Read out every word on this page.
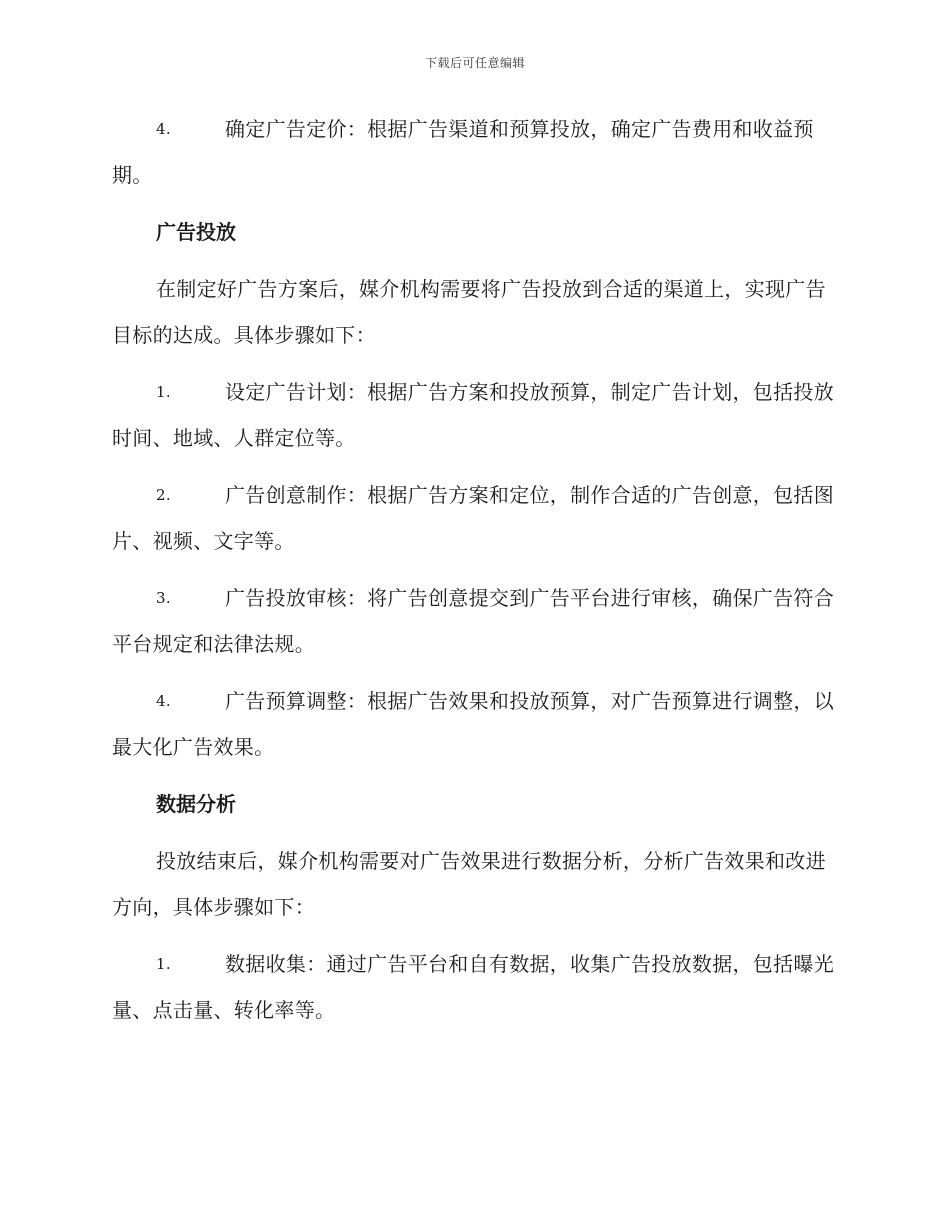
下载后可任意编辑
4.	确定广告定价：根据广告渠道和预算投放，确定广告费用和收益预期。
广告投放

在制定好广告方案后，媒介机构需要将广告投放到合适的渠道上，实现广告目标的达成。具体步骤如下：

1.	设定广告计划：根据广告方案和投放预算，制定广告计划，包括投放时间、地域、人群定位等。
2.	广告创意制作：根据广告方案和定位，制作合适的广告创意，包括图片、视频、文字等。
3.	广告投放审核：将广告创意提交到广告平台进行审核，确保广告符合平台规定和法律法规。
4.	广告预算调整：根据广告效果和投放预算，对广告预算进行调整，以最大化广告效果。
数据分析

投放结束后，媒介机构需要对广告效果进行数据分析，分析广告效果和改进方向，具体步骤如下：

1.	数据收集：通过广告平台和自有数据，收集广告投放数据，包括曝光量、点击量、转化率等。
